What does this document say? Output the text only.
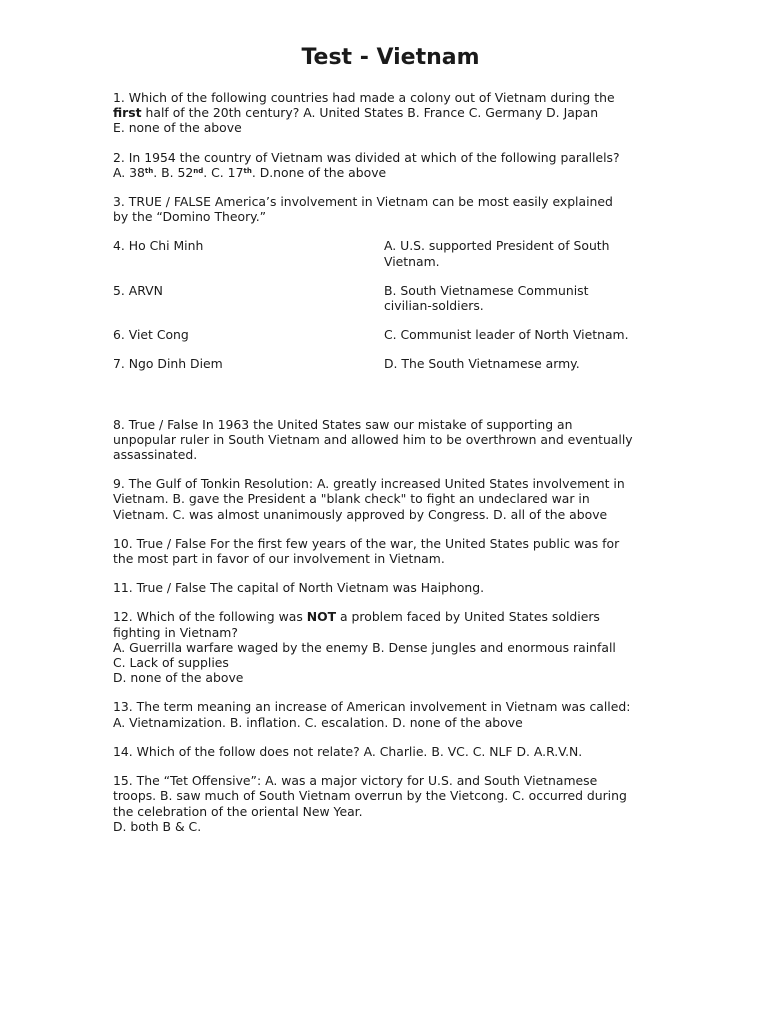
Test - Vietnam

1. Which of the following countries had made a colony out of Vietnam during the
first half of the 20th century? A. United States B. France C. Germany D. Japan
E. none of the above

2. In 1954 the country of Vietnam was divided at which of the following parallels?
A. 38th. B. 52nd. C. 17th. D.none of the above

3. TRUE / FALSE America’s involvement in Vietnam can be most easily explained
by the “Domino Theory.”

4. Ho Chi Minh	A. U.S. supported President of South
Vietnam.
5. ARVN	B. South Vietnamese Communist
civilian-soldiers.
6. Viet Cong	C. Communist leader of North Vietnam.
7. Ngo Dinh Diem	D. The South Vietnamese army.

8. True / False In 1963 the United States saw our mistake of supporting an
unpopular ruler in South Vietnam and allowed him to be overthrown and eventually
assassinated.

9. The Gulf of Tonkin Resolution: A. greatly increased United States involvement in
Vietnam. B. gave the President a "blank check" to fight an undeclared war in
Vietnam. C. was almost unanimously approved by Congress. D. all of the above

10. True / False For the first few years of the war, the United States public was for
the most part in favor of our involvement in Vietnam.

11. True / False The capital of North Vietnam was Haiphong.

12. Which of the following was NOT a problem faced by United States soldiers
fighting in Vietnam?
A. Guerrilla warfare waged by the enemy B. Dense jungles and enormous rainfall
C. Lack of supplies
D. none of the above

13. The term meaning an increase of American involvement in Vietnam was called:
A. Vietnamization. B. inflation. C. escalation. D. none of the above

14. Which of the follow does not relate? A. Charlie. B. VC. C. NLF D. A.R.V.N.

15. The “Tet Offensive”: A. was a major victory for U.S. and South Vietnamese
troops. B. saw much of South Vietnam overrun by the Vietcong. C. occurred during
the celebration of the oriental New Year.
D. both B & C.
